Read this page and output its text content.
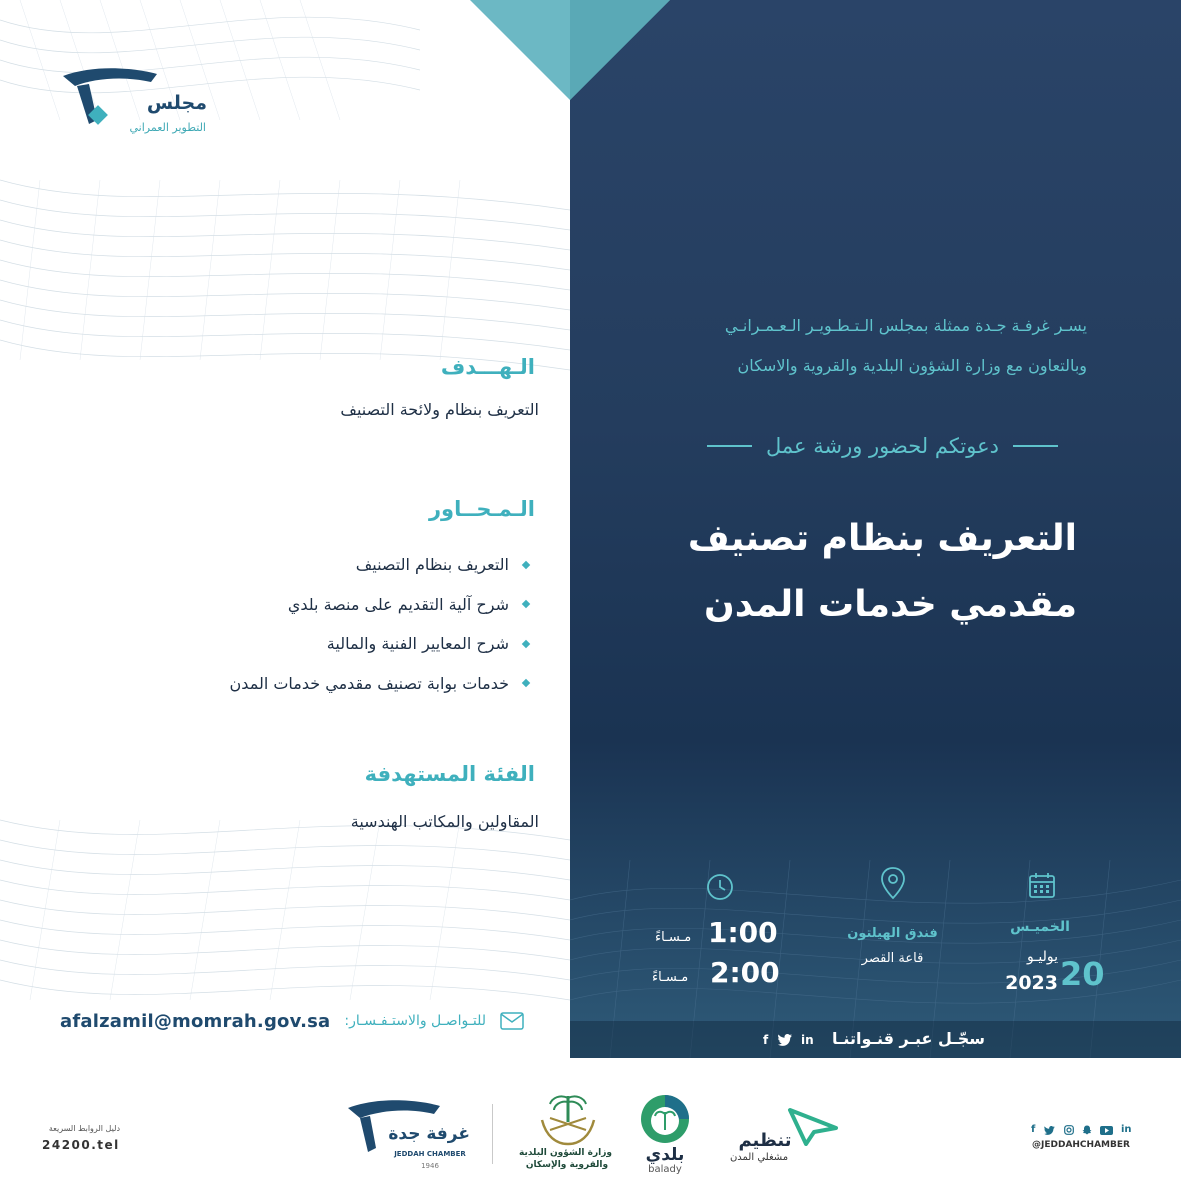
مجلس
التطوير العمراني
الـهـــدف
التعريف بنظام ولائحة التصنيف
الـمـحــاور
التعريف بنظام التصنيف
شرح آلية التقديم على منصة بلدي
شرح المعايير الفنية والمالية
خدمات بوابة تصنيف مقدمي خدمات المدن
الفئة المستهدفة
المقاولين والمكاتب الهندسية
afalzamil@momrah.gov.sa للتـواصـل والاستـفـسـار:
يسـر غرفـة جـدة ممثلة بمجلس الـتـطـويـر الـعـمـرانـي
وبالتعاون مع وزارة الشؤون البلدية والقروية والاسكان
دعوتكم لحضور ورشة عمل
التعريف بنظام تصنيف
مقدمي خدمات المدن
1:00
مـسـاءً
2:00
مـسـاءً
فندق الهيلتون
قاعة القصر
الخميـس
يوليـو
2023 20
سجّـل عبـر قنـواتنـا
in
f
دليل الروابط السريعة
24200.tel
غرفة جدة
JEDDAH CHAMBER
1946
وزارة الشؤون البلدية
والقروية والإسكان	بلدي
balady
تنظيم
مشغلي المدن
f	in
@JEDDAHCHAMBER
